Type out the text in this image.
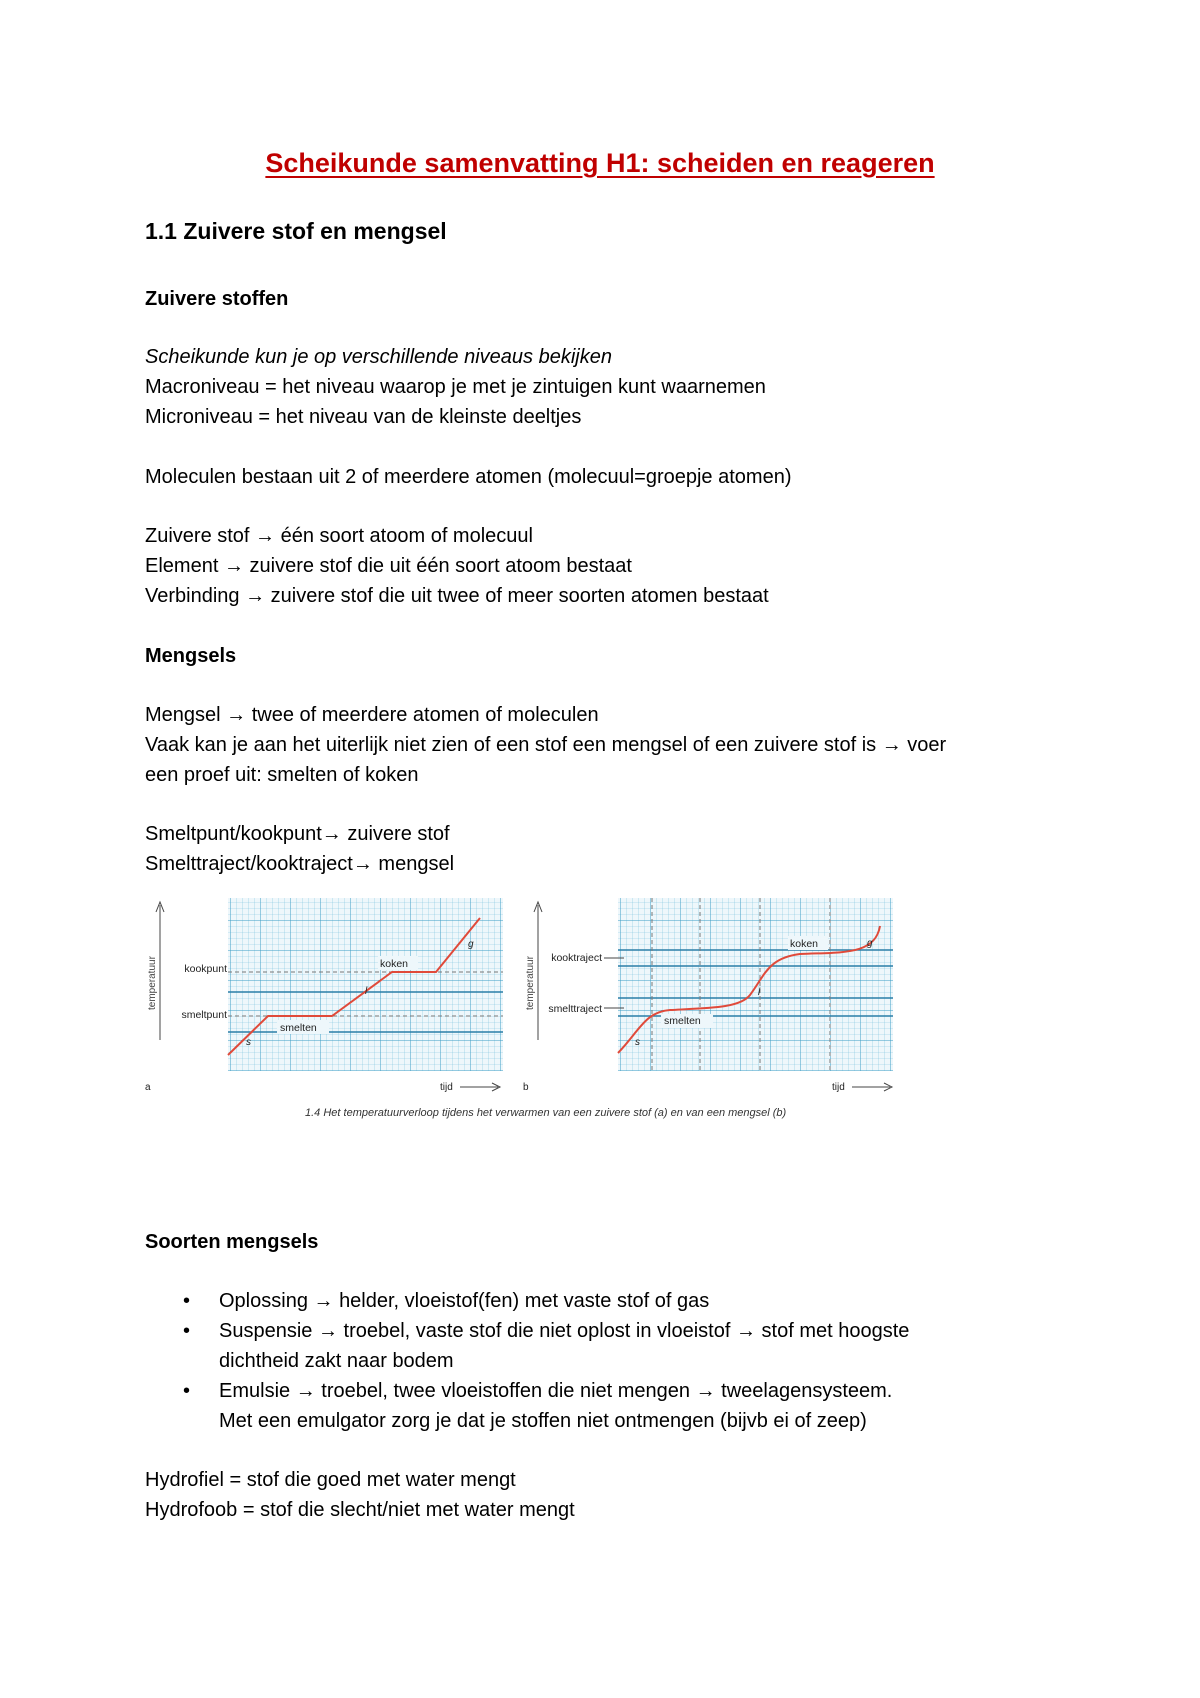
Scheikunde samenvatting H1: scheiden en reageren
1.1 Zuivere stof en mengsel
Zuivere stoffen
Scheikunde kun je op verschillende niveaus bekijken
Macroniveau = het niveau waarop je met je zintuigen kunt waarnemen
Microniveau = het niveau van de kleinste deeltjes
Moleculen bestaan uit 2 of meerdere atomen (molecuul=groepje atomen)
Zuivere stof → één soort atoom of molecuul
Element → zuivere stof die uit één soort atoom bestaat
Verbinding → zuivere stof die uit twee of meer soorten atomen bestaat
Mengsels
Mengsel → twee of meerdere atomen of moleculen
Vaak kan je aan het uiterlijk niet zien of een stof een mengsel of een zuivere stof is → voer
een proef uit: smelten of koken
Smeltpunt/kookpunt→ zuivere stof
Smelttraject/kooktraject→ mengsel
temperatuur	kookpunt
smeltpunt
smelten
koken
s
l
g
a	tijd
temperatuur kooktraject
smelttraject
smelten
koken
s
l
g
b	tijd
1.4 Het temperatuurverloop tijdens het verwarmen van een zuivere stof (a) en van een mengsel (b)
Soorten mengsels
• Oplossing → helder, vloeistof(fen) met vaste stof of gas
• Suspensie → troebel, vaste stof die niet oplost in vloeistof → stof met hoogste
dichtheid zakt naar bodem
• Emulsie → troebel, twee vloeistoffen die niet mengen → tweelagensysteem.
Met een emulgator zorg je dat je stoffen niet ontmengen (bijvb ei of zeep)
Hydrofiel = stof die goed met water mengt
Hydrofoob = stof die slecht/niet met water mengt
